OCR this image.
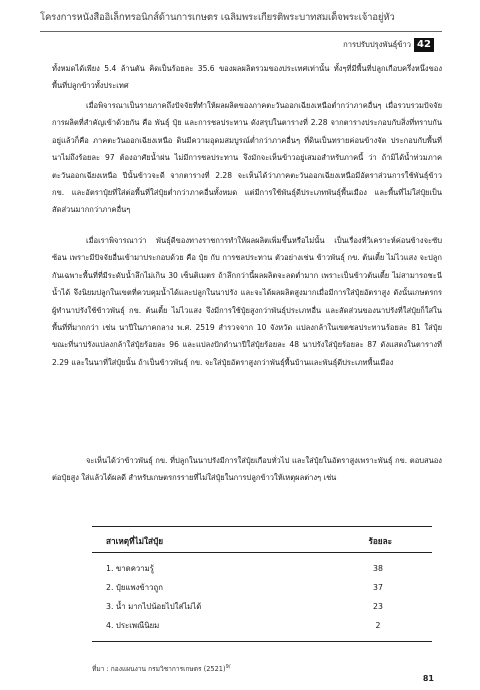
โครงการหนังสืออิเล็กทรอนิกส์ด้านการเกษตร เฉลิมพระเกียรติพระบาทสมเด็จพระเจ้าอยู่หัว
การปรับปรุงพันธุ์ข้าว 42
ทั้งหมดได้เพียง 5.4 ล้านตัน คิดเป็นร้อยละ 35.6 ของผลผลิตรวมของประเทศเท่านั้น ทั้งๆที่มีพื้นที่ปลูกเกือบครึ่งหนึ่งของพื้นที่ปลูกข้าวทั้งประเทศ
เมื่อพิจารณาเป็นรายภาคถึงปัจจัยที่ทำให้ผลผลิตของภาคตะวันออกเฉียงเหนือต่ำกว่าภาคอื่นๆ เมื่อรวบรวมปัจจัยการผลิตที่สำคัญเข้าด้วยกัน คือ พันธุ์ ปุ๋ย และการชลประทาน ดังสรุปในตารางที่ 2.28 จากตารางประกอบกับสิ่งที่ทราบกันอยู่แล้วก็คือ ภาคตะวันออกเฉียงเหนือ ดินมีความอุดมสมบูรณ์ต่ำกว่าภาคอื่นๆ ที่ดินเป็นทรายค่อนข้างจัด ประกอบกับพื้นที่นาไม่ถึงร้อยละ 97 ต้องอาศัยน้ำฝน ไม่มีการชลประทาน จึงมักจะเห็นข้าวอยู่เสมอสำหรับภาคนี้ ว่า ถ้ามิได้น้ำท่วมภาคตะวันออกเฉียงเหนือ ปีนั้นข้าวจะดี จากตารางที่ 2.28 จะเห็นได้ว่าภาคตะวันออกเฉียงเหนือมีอัตราส่วนการใช้พันธุ์ข้าว กข. และอัตราปุ๋ยที่ใส่ต่อพื้นที่ใส่ปุ๋ยต่ำกว่าภาคอื่นทั้งหมด แต่มีการใช้พันธุ์ดีประเภทพันธุ์พื้นเมือง และพื้นที่ไม่ใส่ปุ๋ยเป็นสัดส่วนมากกว่าภาคอื่นๆ
เมื่อเราพิจารณาว่า พันธุ์ดีของทางราชการทำให้ผลผลิตเพิ่มขึ้นหรือไม่นั้น เป็นเรื่องที่วิเคราะห์ค่อนข้างจะซับซ้อน เพราะมีปัจจัยอื่นเข้ามาประกอบด้วย คือ ปุ๋ย กับ การชลประทาน ตัวอย่างเช่น ข้าวพันธุ์ กข. ต้นเตี้ย ไม่ไวแสง จะปลูกกันเฉพาะพื้นที่ที่มีระดับน้ำลึกไม่เกิน 30 เซ็นติเมตร ถ้าลึกกว่านี้ผลผลิตจะลดต่ำมาก เพราะเป็นข้าวต้นเตี้ย ไม่สามารถชะนีน้ำได้ จึงนิยมปลูกในเขตที่ควบคุมน้ำได้และปลูกในนาปรัง และจะได้ผลผลิตสูงมากเมื่อมีการใส่ปุ๋ยอัตราสูง ดังนั้นเกษตรกรผู้ทำนาปรังใช้ข้าวพันธุ์ กข. ต้นเตี้ย ไม่ไวแสง จึงมีการใช้ปุ๋ยสูงกว่าพันธุ์ประเภทอื่น และสัดส่วนของนาปรังที่ใส่ปุ๋ยก็ใส่ในพื้นที่ที่มากกว่า เช่น นาปีในภาคกลาง พ.ศ. 2519 สำรวจจาก 10 จังหวัด แปลงกล้าในเขตชลประทานร้อยละ 81 ใส่ปุ๋ย ขณะที่นาปรังแปลงกล้าใส่ปุ๋ยร้อยละ 96 และแปลงปักดำนาปีใส่ปุ๋ยร้อยละ 48 นาปรังใส่ปุ๋ยร้อยละ 87 ดังแสดงในตารางที่ 2.29 และในนาที่ใส่ปุ๋ยนั้น ถ้าเป็นข้าวพันธุ์ กข. จะใส่ปุ๋ยอัตราสูงกว่าพันธุ์พื้นบ้านและพันธุ์ดีประเภทพื้นเมือง
จะเห็นได้ว่าข้าวพันธุ์ กข. ที่ปลูกในนาปรังมีการใส่ปุ๋ยเกือบทั่วไป และใส่ปุ๋ยในอัตราสูงเพราะพันธุ์ กข. ตอบสนองต่อปุ๋ยสูง ใส่แล้วได้ผลดี สำหรับเกษตรกรรายที่ไม่ใส่ปุ๋ยในการปลูกข้าวให้เหตุผลต่างๆ เช่น
สาเหตุที่ไม่ใส่ปุ๋ย	ร้อยละ
1. ขาดความรู้	38
2. ปุ๋ยแพงข้าวถูก	37
3. น้ำ มากไปน้อยไปใส่ไม่ได้	23
4. ประเพณีนิยม	2
ที่มา : กองแผนงาน กรมวิชาการเกษตร $(2521)^{9/}$
81
